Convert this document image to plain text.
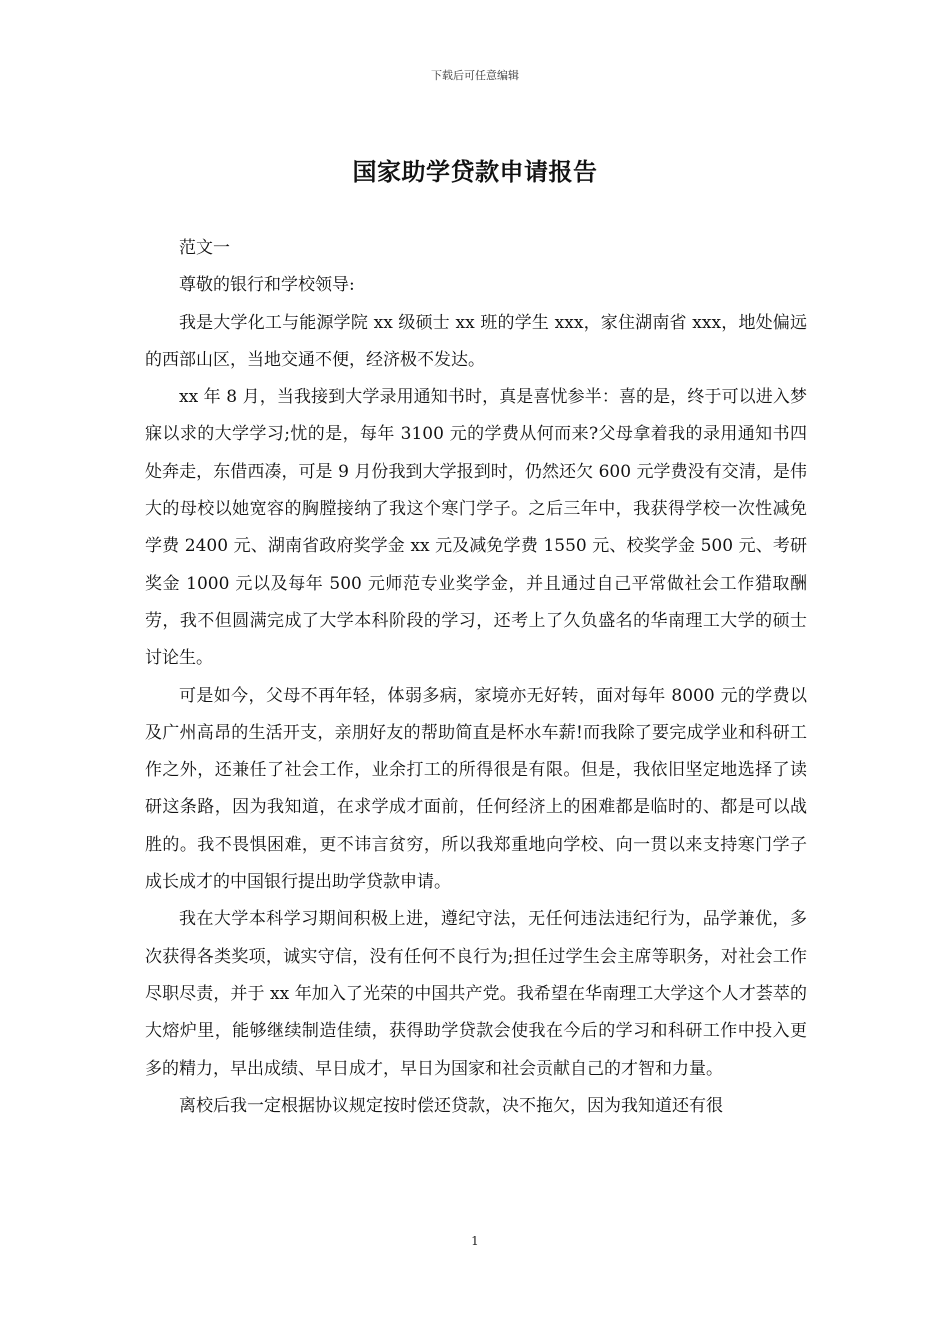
下载后可任意编辑
国家助学贷款申请报告

范文一

尊敬的银行和学校领导:

我是大学化工与能源学院 xx 级硕士 xx 班的学生 xxx，家住湖南省 xxx，地处偏远的西部山区，当地交通不便，经济极不发达。

xx 年 8 月，当我接到大学录用通知书时，真是喜忧参半：喜的是，终于可以进入梦寐以求的大学学习;忧的是，每年 3100 元的学费从何而来?父母拿着我的录用通知书四处奔走，东借西凑，可是 9 月份我到大学报到时，仍然还欠 600 元学费没有交清，是伟大的母校以她宽容的胸膛接纳了我这个寒门学子。之后三年中，我获得学校一次性减免学费 2400 元、湖南省政府奖学金 xx 元及减免学费 1550 元、校奖学金 500 元、考研奖金 1000 元以及每年 500 元师范专业奖学金，并且通过自己平常做社会工作猎取酬劳，我不但圆满完成了大学本科阶段的学习，还考上了久负盛名的华南理工大学的硕士讨论生。

可是如今，父母不再年轻，体弱多病，家境亦无好转，面对每年 8000 元的学费以及广州高昂的生活开支，亲朋好友的帮助简直是杯水车薪!而我除了要完成学业和科研工作之外，还兼任了社会工作，业余打工的所得很是有限。但是，我依旧坚定地选择了读研这条路，因为我知道，在求学成才面前，任何经济上的困难都是临时的、都是可以战胜的。我不畏惧困难，更不讳言贫穷，所以我郑重地向学校、向一贯以来支持寒门学子成长成才的中国银行提出助学贷款申请。

我在大学本科学习期间积极上进，遵纪守法，无任何违法违纪行为，品学兼优，多次获得各类奖项，诚实守信，没有任何不良行为;担任过学生会主席等职务，对社会工作尽职尽责，并于 xx 年加入了光荣的中国共产党。我希望在华南理工大学这个人才荟萃的大熔炉里，能够继续制造佳绩，获得助学贷款会使我在今后的学习和科研工作中投入更多的精力，早出成绩、早日成才，早日为国家和社会贡献自己的才智和力量。

离校后我一定根据协议规定按时偿还贷款，决不拖欠，因为我知道还有很

1
